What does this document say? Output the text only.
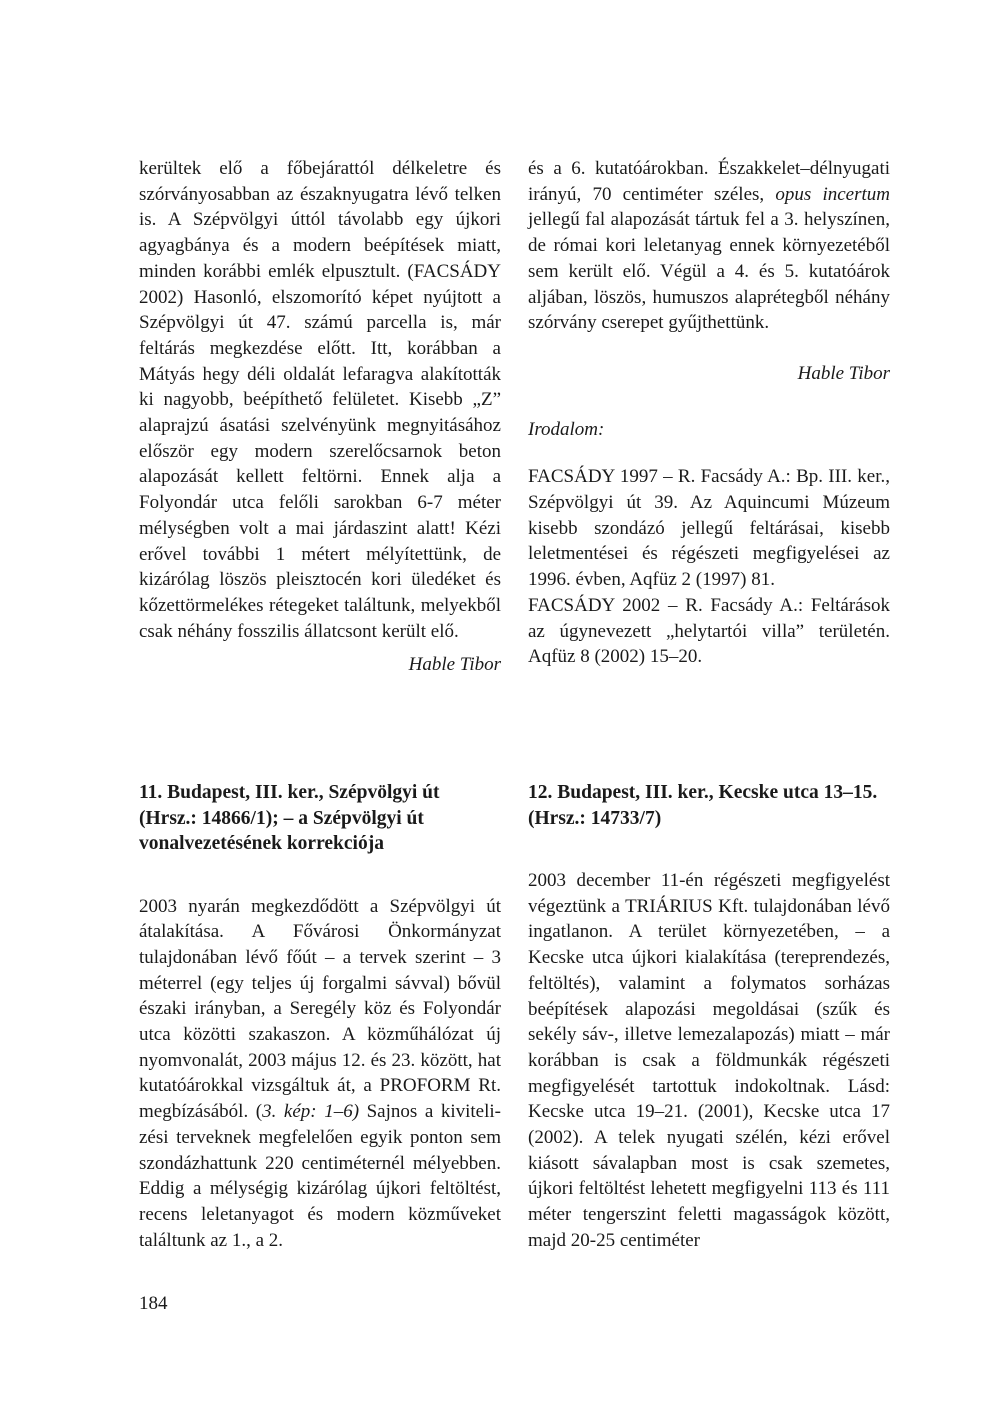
kerültek elő a főbejárattól délkeletre és szórványosabban az északnyugatra lévő telken is. A Szépvölgyi úttól távolabb egy újkori agyagbánya és a modern beépítések miatt, minden korábbi emlék elpusztult. (FACSÁDY 2002) Hasonló, elszomorító képet nyújtott a Szépvölgyi út 47. számú parcella is, már feltárás megkezdése előtt. Itt, korábban a Mátyás hegy déli oldalát lefaragva alakították ki nagyobb, beépíthető felületet. Kisebb „Z” alaprajzú ásatási szelvényünk megnyitásához először egy modern szerelőcsarnok beton alapozását kellett feltörni. Ennek alja a Folyondár utca felőli sarokban 6-7 méter mélységben volt a mai járdaszint alatt! Kézi erővel további 1 métert mélyítettünk, de kizárólag löszös pleisztocén kori üledéket és kőzettörmelékes rétegeket találtunk, melyekből csak néhány fosszilis állatcsont került elő.

Hable Tibor

és a 6. kutatóárokban. Északkelet–délnyugati irányú, 70 centiméter széles, opus incertum jellegű fal alapozását tártuk fel a 3. helyszínen, de római kori leletanyag ennek környezetéből sem került elő. Végül a 4. és 5. kutatóárok aljában, löszös, humuszos alaprétegből néhány szórvány cserepet gyűjthettünk.

Hable Tibor

Irodalom:

FACSÁDY 1997 – R. Facsády A.: Bp. III. ker., Szépvölgyi út 39. Az Aquincumi Múzeum kisebb szondázó jellegű feltárásai, kisebb leletmentései és régészeti megfigyelései az 1996. évben, Aqfüz 2 (1997) 81.

FACSÁDY 2002 – R. Facsády A.: Feltárások az úgynevezett „helytartói villa” területén. Aqfüz 8 (2002) 15–20.

11. Budapest, III. ker., Szépvölgyi út (Hrsz.: 14866/1); – a Szépvölgyi út vonalvezetésének korrekciója

2003 nyarán megkezdődött a Szépvölgyi út átalakítása. A Fővárosi Önkormányzat tulajdonában lévő főút – a tervek szerint – 3 méterrel (egy teljes új forgalmi sávval) bővül északi irányban, a Seregély köz és Folyondár utca közötti szakaszon. A közműhálózat új nyomvonalát, 2003 május 12. és 23. között, hat kutatóárokkal vizsgáltuk át, a PROFORM Rt. megbízásából. (3. kép: 1–6) Sajnos a kivitelizési terveknek megfelelően egyik ponton sem szondázhattunk 220 centiméternél mélyebben. Eddig a mélységig kizárólag újkori feltöltést, recens leletanyagot és modern közműveket találtunk az 1., a 2.

12. Budapest, III. ker., Kecske utca 13–15. (Hrsz.: 14733/7)

2003 december 11-én régészeti megfigyelést végeztünk a TRIÁRIUS Kft. tulajdonában lévő ingatlanon. A terület környezetében, – a Kecske utca újkori kialakítása (tereprendezés, feltöltés), valamint a folymatos sorházas beépítések alapozási megoldásai (szűk és sekély sáv-, illetve lemezalapozás) miatt – már korábban is csak a földmunkák régészeti megfigyelését tartottuk indokoltnak. Lásd: Kecske utca 19–21. (2001), Kecske utca 17 (2002). A telek nyugati szélén, kézi erővel kiásott sávalapban most is csak szemetes, újkori feltöltést lehetett megfigyelni 113 és 111 méter tengerszint feletti magasságok között, majd 20-25 centiméter

184
